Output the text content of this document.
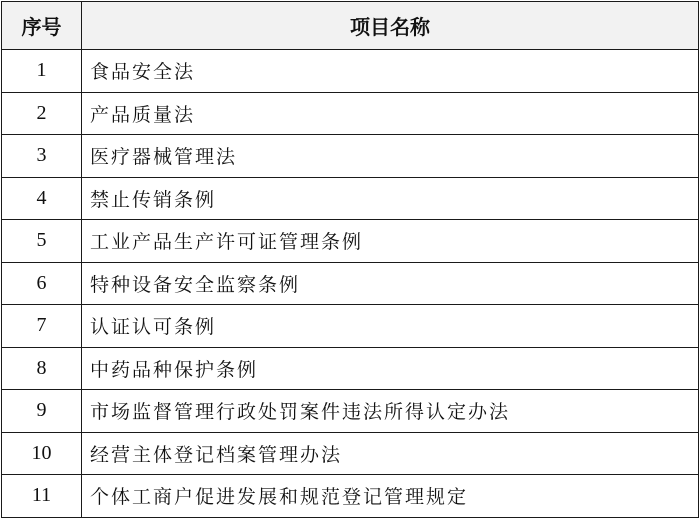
序号	项目名称
1	食品安全法
2	产品质量法
3	医疗器械管理法
4	禁止传销条例
5	工业产品生产许可证管理条例
6	特种设备安全监察条例
7	认证认可条例
8	中药品种保护条例
9	市场监督管理行政处罚案件违法所得认定办法
10	经营主体登记档案管理办法
11	个体工商户促进发展和规范登记管理规定
